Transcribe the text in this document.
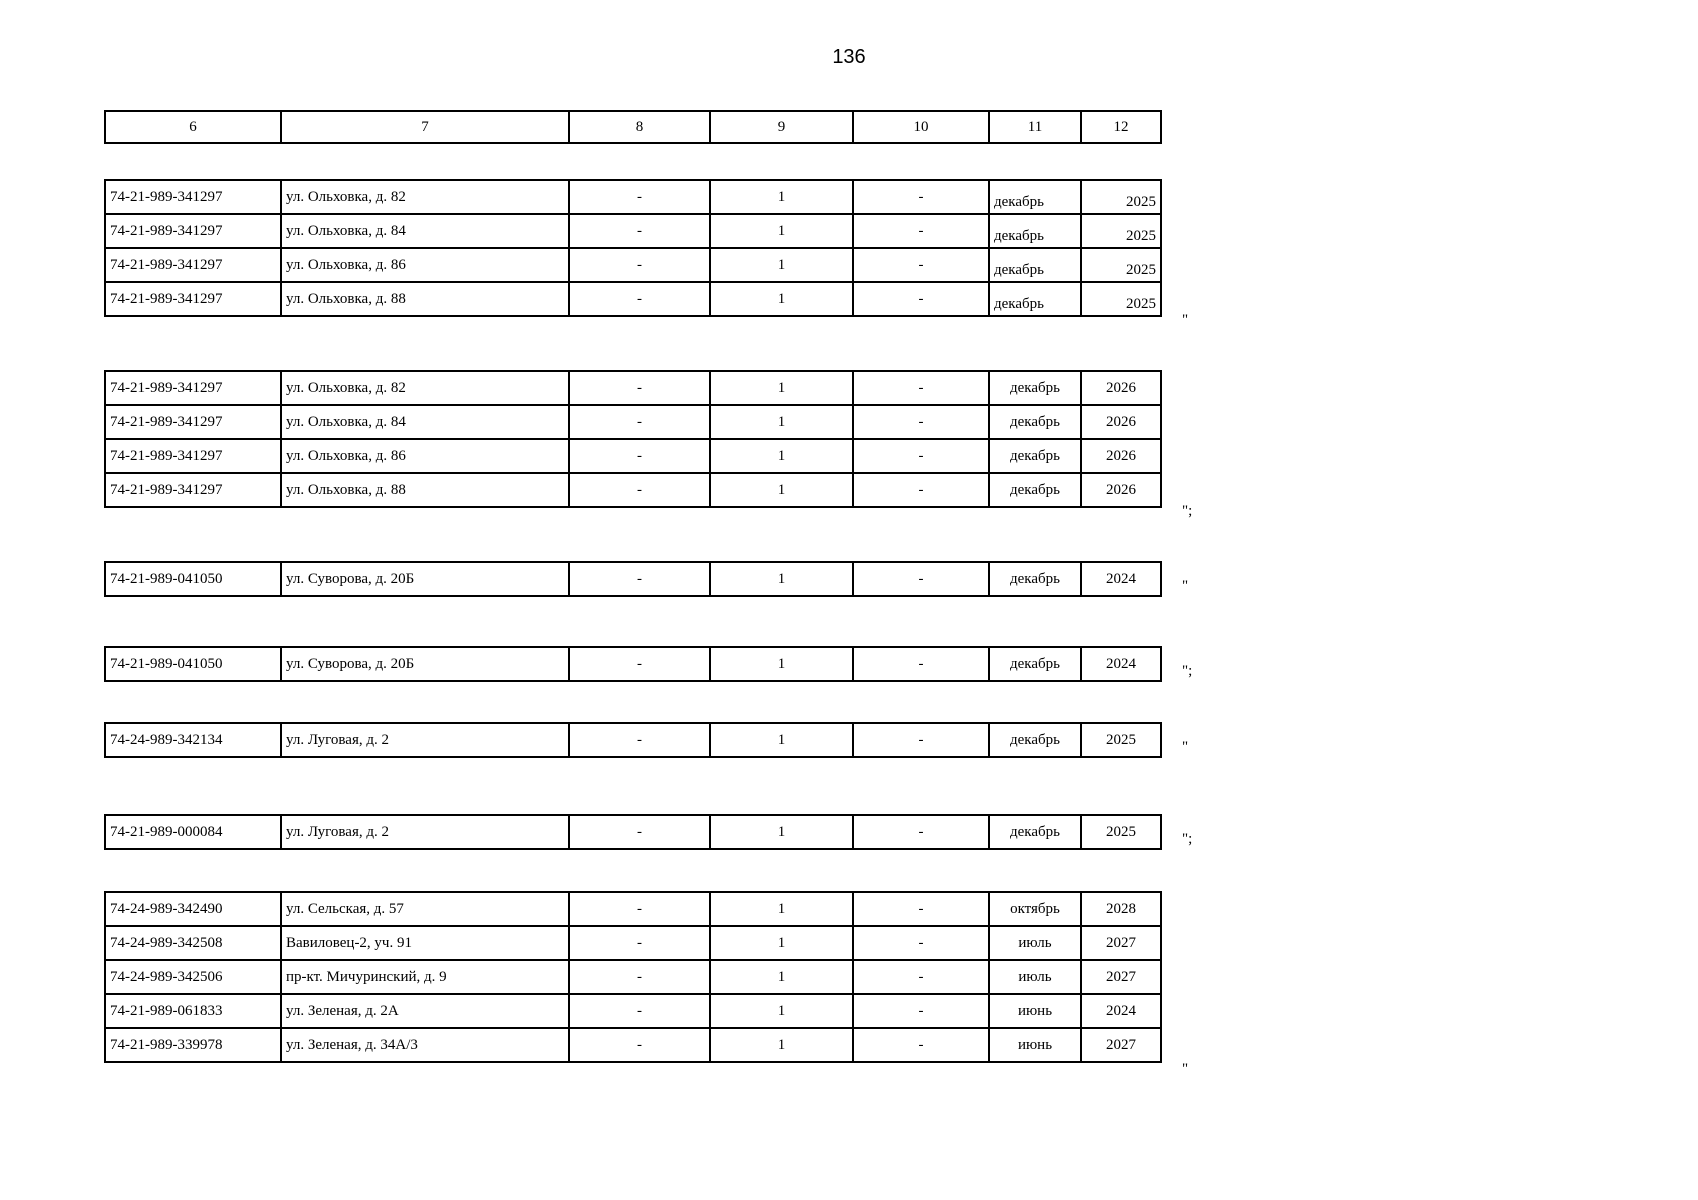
136
6	7	8	9	10	11	12
74-21-989-341297	ул. Ольховка, д. 82	-	1	-	декабрь	2025
74-21-989-341297	ул. Ольховка, д. 84	-	1	-	декабрь	2025
74-21-989-341297	ул. Ольховка, д. 86	-	1	-	декабрь	2025
74-21-989-341297	ул. Ольховка, д. 88	-	1	-	декабрь	2025
"
74-21-989-341297	ул. Ольховка, д. 82	-	1	-	декабрь	2026
74-21-989-341297	ул. Ольховка, д. 84	-	1	-	декабрь	2026
74-21-989-341297	ул. Ольховка, д. 86	-	1	-	декабрь	2026
74-21-989-341297	ул. Ольховка, д. 88	-	1	-	декабрь	2026
";
74-21-989-041050	ул. Суворова, д. 20Б	-	1	-	декабрь	2024	"
74-21-989-041050	ул. Суворова, д. 20Б	-	1	-	декабрь	2024	";
74-24-989-342134	ул. Луговая, д. 2	-	1	-	декабрь	2025	"
74-21-989-000084	ул. Луговая, д. 2	-	1	-	декабрь	2025	";
74-24-989-342490	ул. Сельская, д. 57	-	1	-	октябрь	2028
74-24-989-342508	Вавиловец-2, уч. 91	-	1	-	июль	2027
74-24-989-342506	пр-кт. Мичуринский, д. 9	-	1	-	июль	2027
74-21-989-061833	ул. Зеленая, д. 2А	-	1	-	июнь	2024
74-21-989-339978	ул. Зеленая, д. 34А/3	-	1	-	июнь	2027
"
